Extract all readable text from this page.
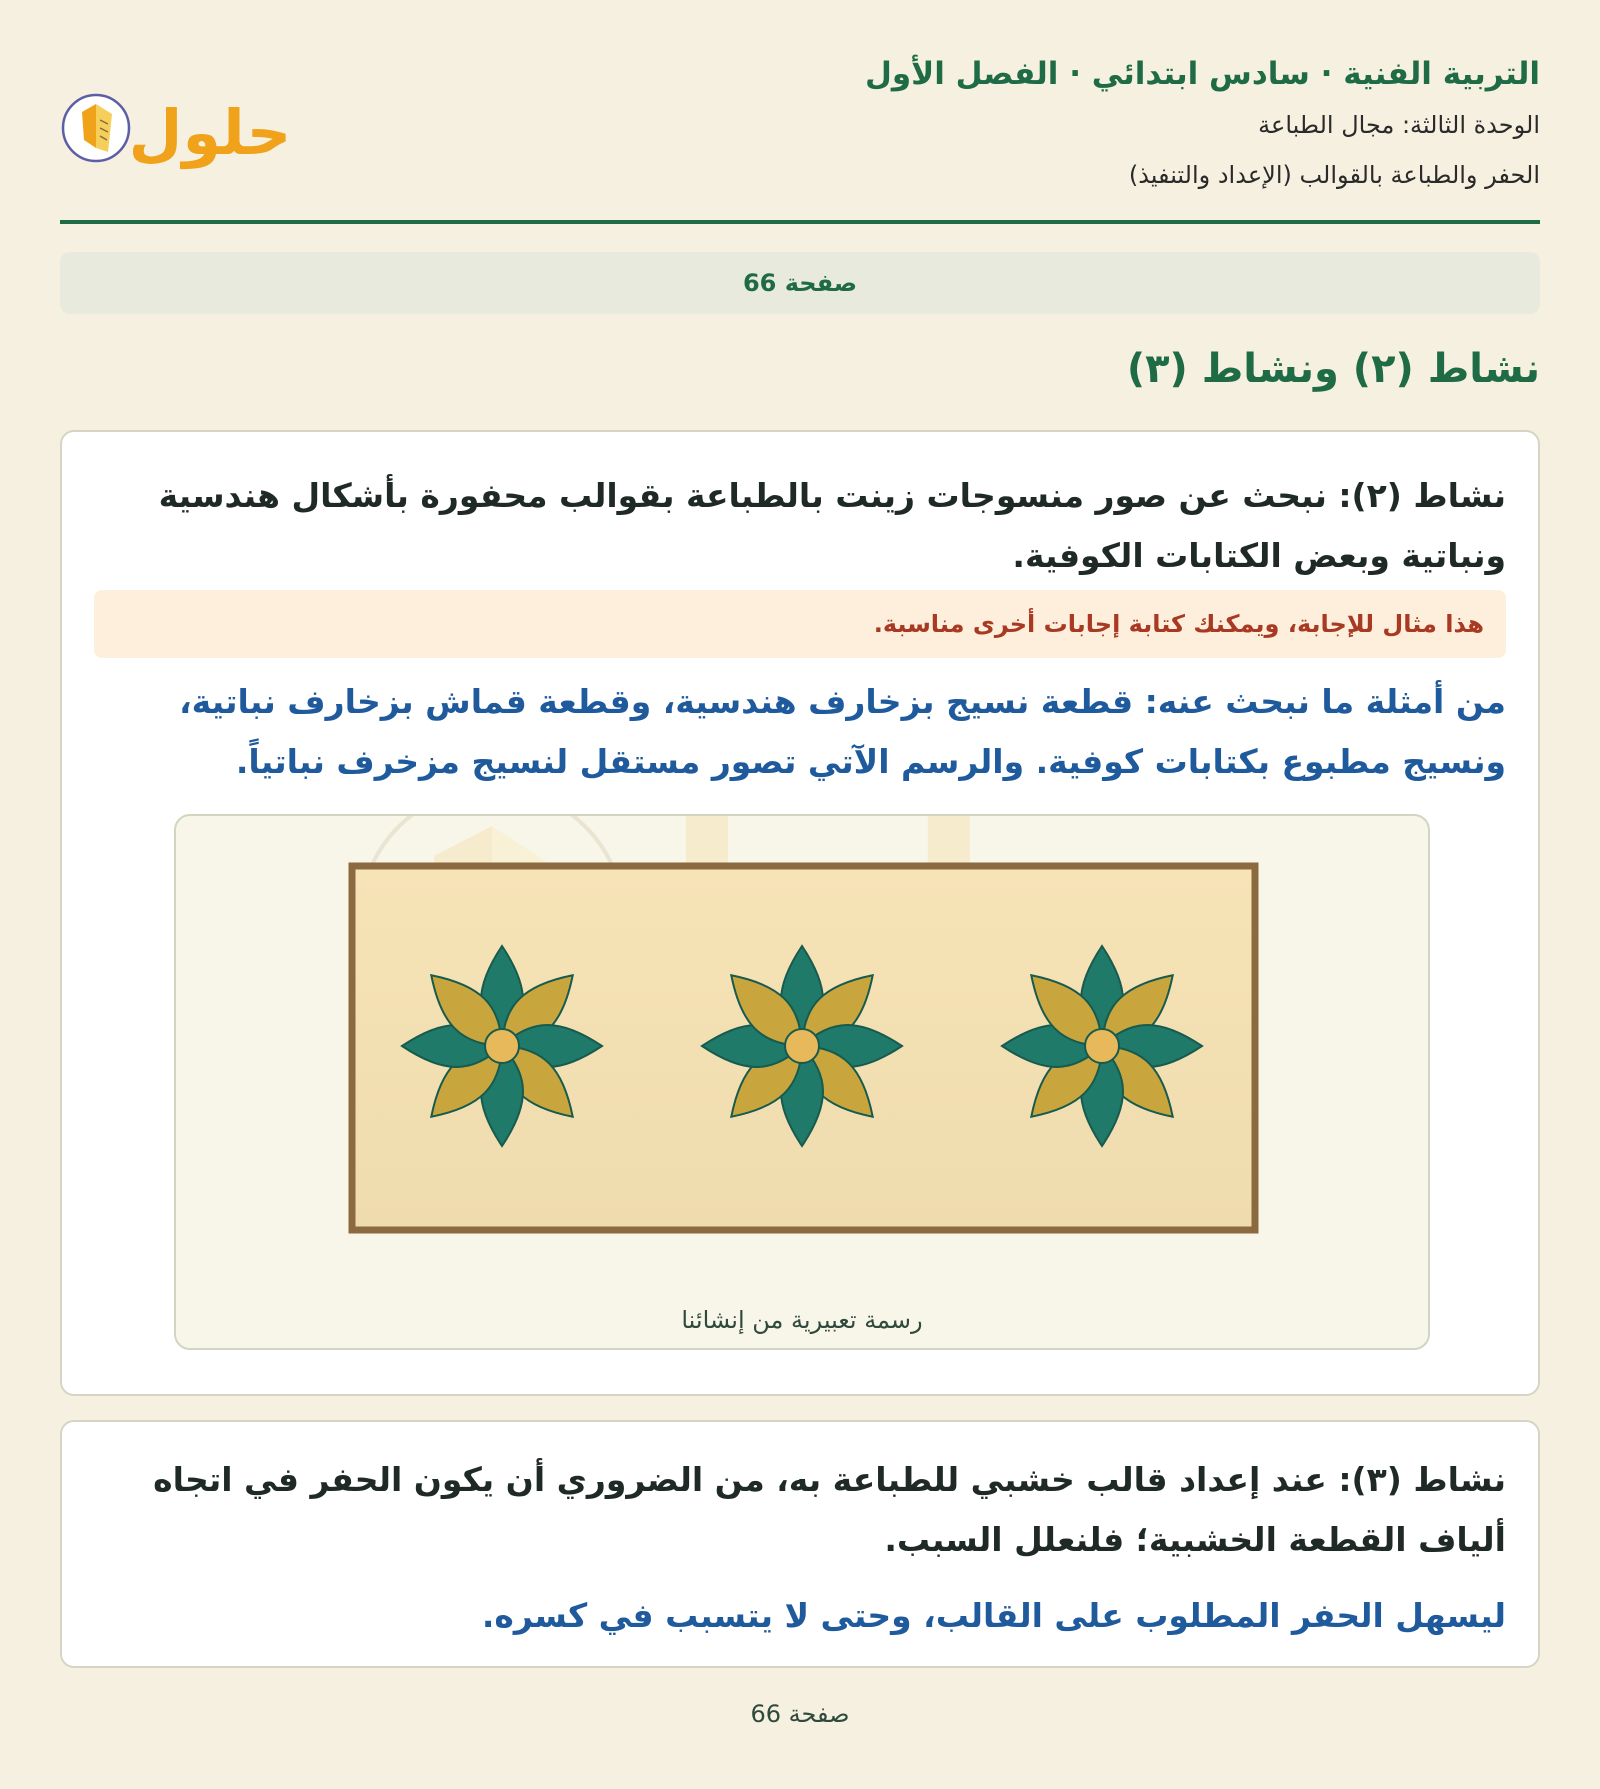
التربية الفنية · سادس ابتدائي · الفصل الأول
الوحدة الثالثة: مجال الطباعة
الحفر والطباعة بالقوالب (الإعداد والتنفيذ)
حلول
صفحة 66
نشاط (٢) ونشاط (٣)
نشاط (٢): نبحث عن صور منسوجات زينت بالطباعة بقوالب محفورة بأشكال هندسية
ونباتية وبعض الكتابات الكوفية.
هذا مثال للإجابة، ويمكنك كتابة إجابات أخرى مناسبة.
من أمثلة ما نبحث عنه: قطعة نسيج بزخارف هندسية، وقطعة قماش بزخارف نباتية،
ونسيج مطبوع بكتابات كوفية. والرسم الآتي تصور مستقل لنسيج مزخرف نباتياً.
رسمة تعبيرية من إنشائنا
نشاط (٣): عند إعداد قالب خشبي للطباعة به، من الضروري أن يكون الحفر في اتجاه
ألياف القطعة الخشبية؛ فلنعلل السبب.
ليسهل الحفر المطلوب على القالب، وحتى لا يتسبب في كسره.
صفحة 66
